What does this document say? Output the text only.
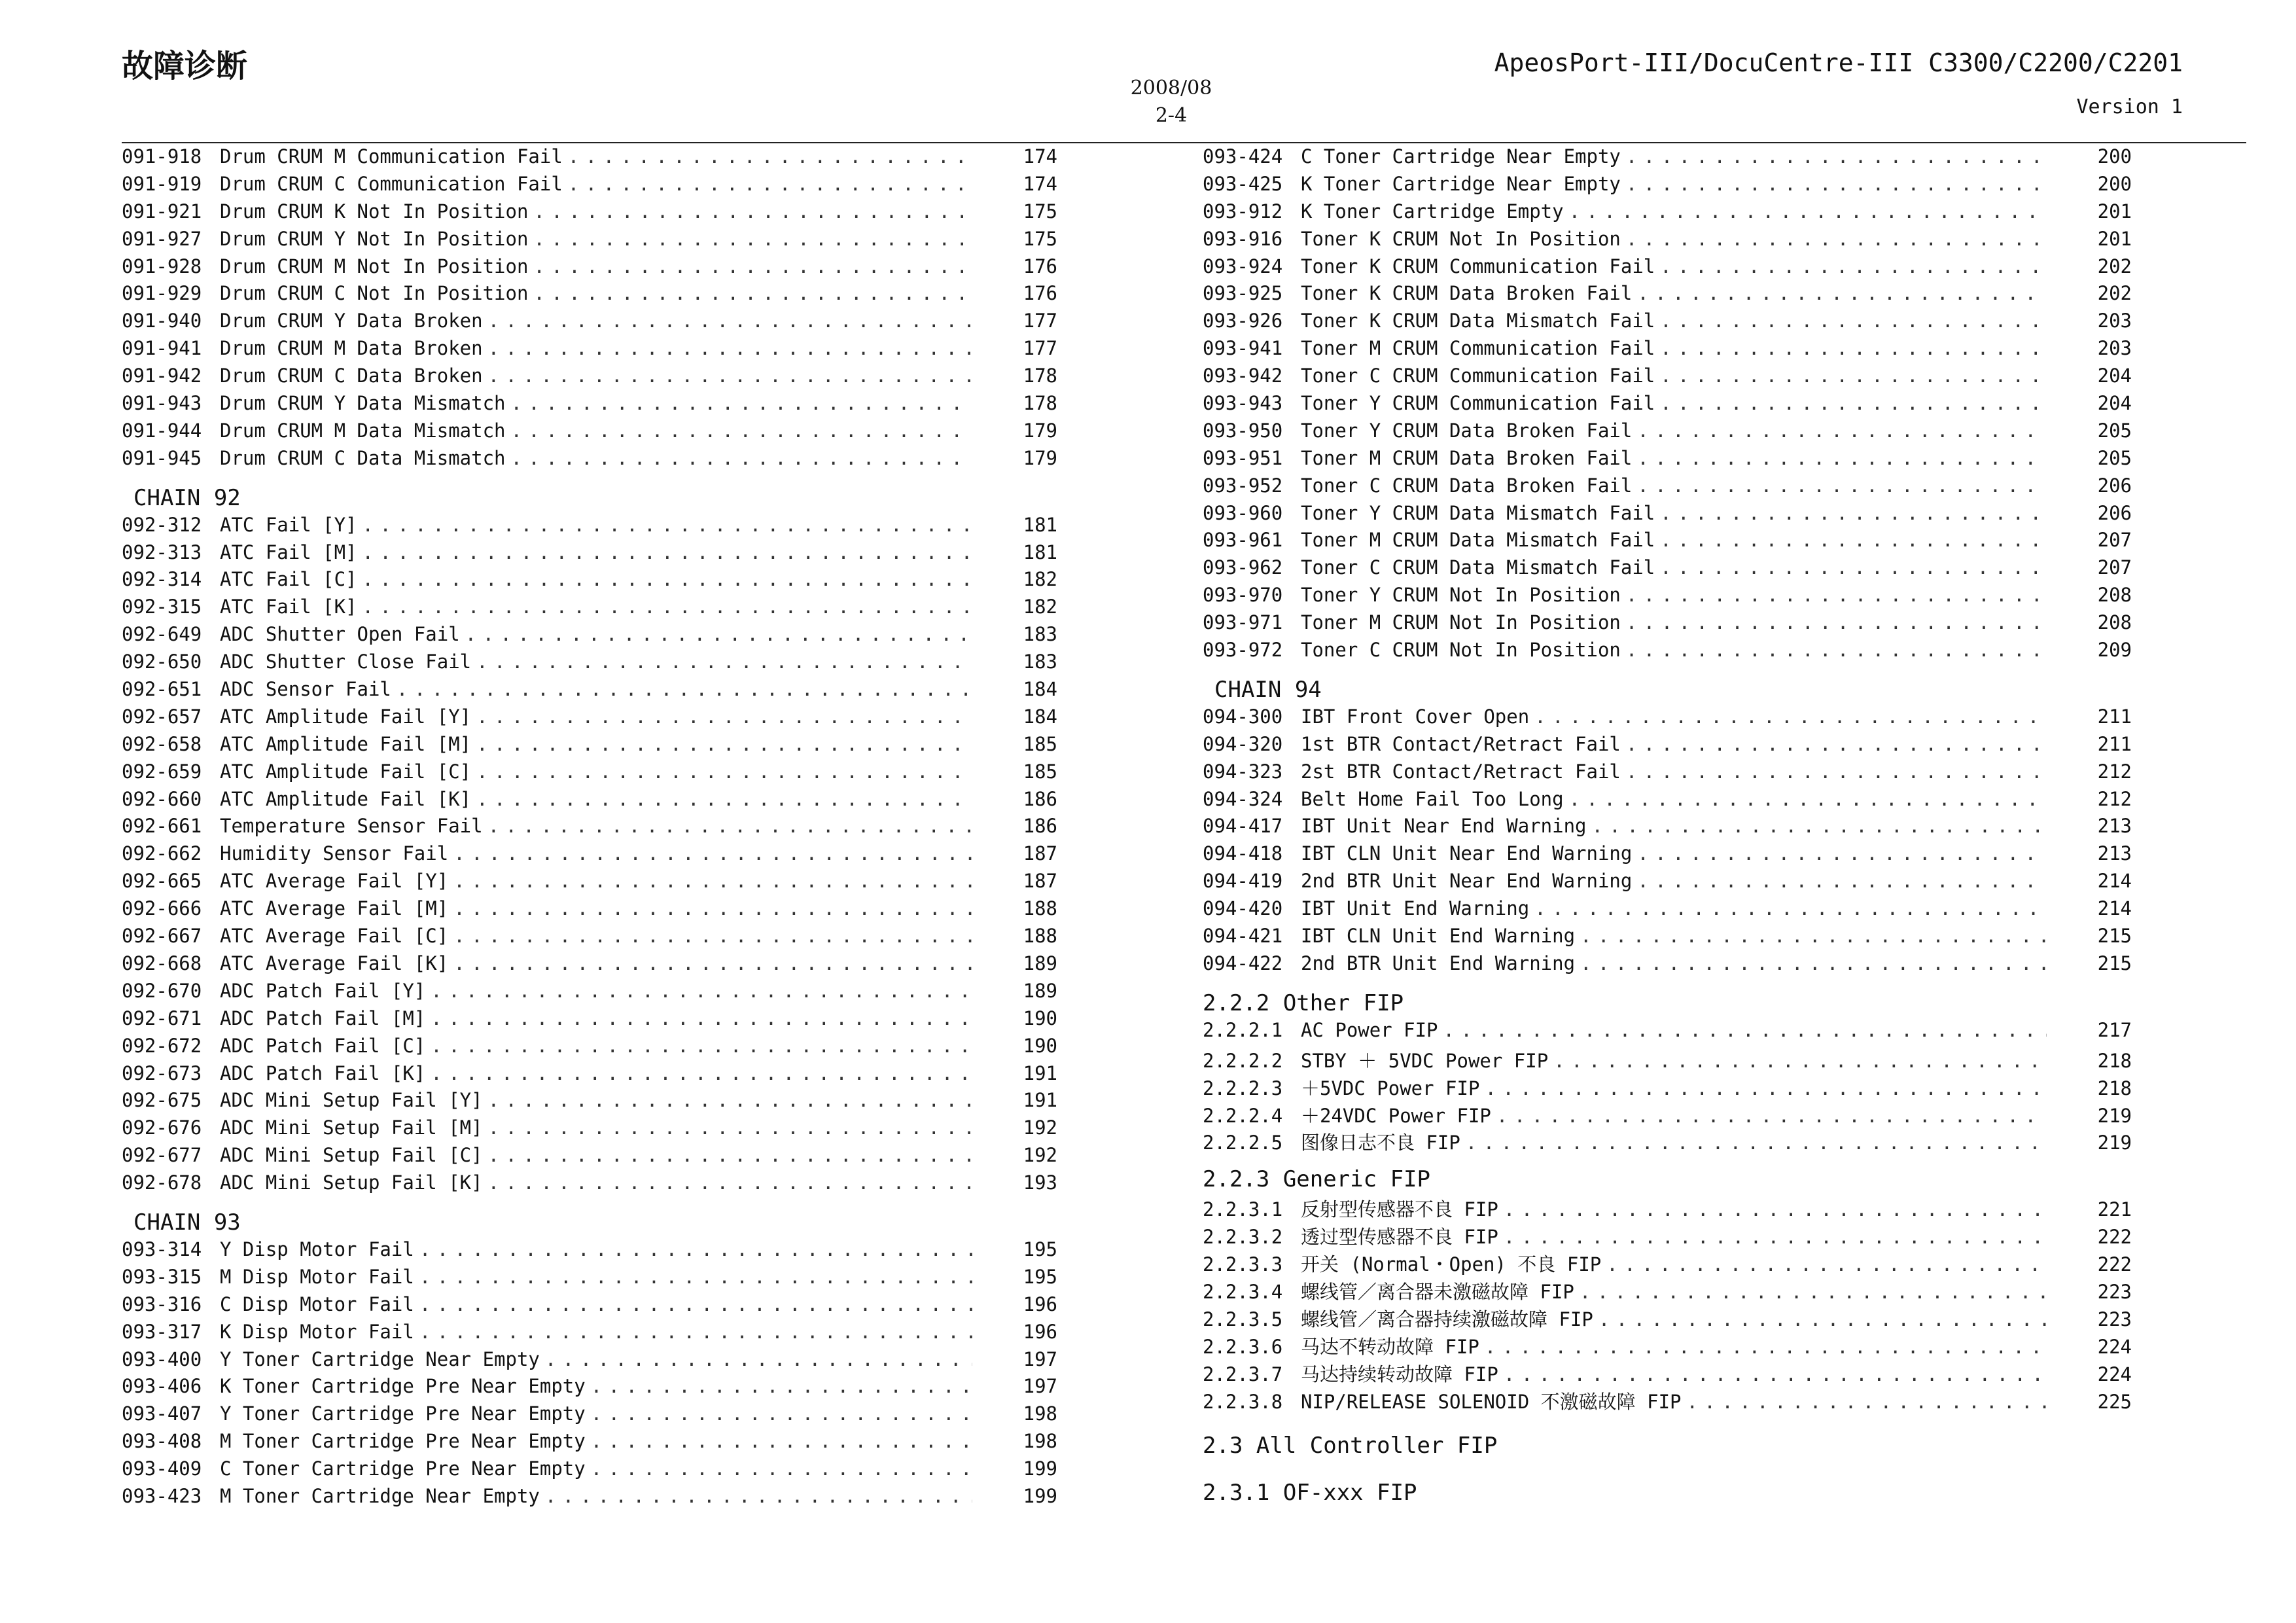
故障诊断
2008/08
2-4
ApeosPort-III/DocuCentre-III C3300/C2200/C2201
Version 1
091-918 Drum CRUM M Communication Fail . . .	174
091-919 Drum CRUM C Communication Fail . . .	174
091-921 Drum CRUM K Not In Position . . .	175
091-927 Drum CRUM Y Not In Position . . .	175
091-928 Drum CRUM M Not In Position . . .	176
091-929 Drum CRUM C Not In Position . . .	176
091-940 Drum CRUM Y Data Broken . . .	177
091-941 Drum CRUM M Data Broken . . .	177
091-942 Drum CRUM C Data Broken . . .	178
091-943 Drum CRUM Y Data Mismatch . . .	178
091-944 Drum CRUM M Data Mismatch . . .	179
091-945 Drum CRUM C Data Mismatch . . .	179
CHAIN 92
092-312 ATC Fail [Y] . . .	181
092-313 ATC Fail [M] . . .	181
092-314 ATC Fail [C] . . .	182
092-315 ATC Fail [K] . . .	182
092-649 ADC Shutter Open Fail . . .	183
092-650 ADC Shutter Close Fail . . .	183
092-651 ADC Sensor Fail . . .	184
092-657 ATC Amplitude Fail [Y] . . .	184
092-658 ATC Amplitude Fail [M] . . .	185
092-659 ATC Amplitude Fail [C] . . .	185
092-660 ATC Amplitude Fail [K] . . .	186
092-661 Temperature Sensor Fail . . .	186
092-662 Humidity Sensor Fail . . .	187
092-665 ATC Average Fail [Y] . . .	187
092-666 ATC Average Fail [M] . . .	188
092-667 ATC Average Fail [C] . . .	188
092-668 ATC Average Fail [K] . . .	189
092-670 ADC Patch Fail [Y] . . .	189
092-671 ADC Patch Fail [M] . . .	190
092-672 ADC Patch Fail [C] . . .	190
092-673 ADC Patch Fail [K] . . .	191
092-675 ADC Mini Setup Fail [Y] . . .	191
092-676 ADC Mini Setup Fail [M] . . .	192
092-677 ADC Mini Setup Fail [C] . . .	192
092-678 ADC Mini Setup Fail [K] . . .	193
CHAIN 93
093-314 Y Disp Motor Fail . . .	195
093-315 M Disp Motor Fail . . .	195
093-316 C Disp Motor Fail . . .	196
093-317 K Disp Motor Fail . . .	196
093-400 Y Toner Cartridge Near Empty . . .	197
093-406 K Toner Cartridge Pre Near Empty . . .	197
093-407 Y Toner Cartridge Pre Near Empty . . .	198
093-408 M Toner Cartridge Pre Near Empty . . .	198
093-409 C Toner Cartridge Pre Near Empty . . .	199
093-423 M Toner Cartridge Near Empty . . .	199
093-424 C Toner Cartridge Near Empty . . .	200
093-425 K Toner Cartridge Near Empty . . .	200
093-912 K Toner Cartridge Empty . . .	201
093-916 Toner K CRUM Not In Position . . .	201
093-924 Toner K CRUM Communication Fail . . .	202
093-925 Toner K CRUM Data Broken Fail . . .	202
093-926 Toner K CRUM Data Mismatch Fail . . .	203
093-941 Toner M CRUM Communication Fail . . .	203
093-942 Toner C CRUM Communication Fail . . .	204
093-943 Toner Y CRUM Communication Fail . . .	204
093-950 Toner Y CRUM Data Broken Fail . . .	205
093-951 Toner M CRUM Data Broken Fail . . .	205
093-952 Toner C CRUM Data Broken Fail . . .	206
093-960 Toner Y CRUM Data Mismatch Fail . . .	206
093-961 Toner M CRUM Data Mismatch Fail . . .	207
093-962 Toner C CRUM Data Mismatch Fail . . .	207
093-970 Toner Y CRUM Not In Position . . .	208
093-971 Toner M CRUM Not In Position . . .	208
093-972 Toner C CRUM Not In Position . . .	209
CHAIN 94
094-300 IBT Front Cover Open . . .	211
094-320 1st BTR Contact/Retract Fail . . .	211
094-323 2st BTR Contact/Retract Fail . . .	212
094-324 Belt Home Fail Too Long . . .	212
094-417 IBT Unit Near End Warning . . .	213
094-418 IBT CLN Unit Near End Warning . . .	213
094-419 2nd BTR Unit Near End Warning . . .	214
094-420 IBT Unit End Warning . . .	214
094-421 IBT CLN Unit End Warning . . .	215
094-422 2nd BTR Unit End Warning . . .	215
2.2.2 Other FIP
2.2.2.1 AC Power FIP . . .	217
2.2.2.2 STBY ＋ 5VDC Power FIP . . .	218
2.2.2.3 ＋5VDC Power FIP . . .	218
2.2.2.4 ＋24VDC Power FIP . . .	219
2.2.2.5 图像日志不良 FIP . . .	219
2.2.3 Generic FIP
2.2.3.1 反射型传感器不良 FIP . . .	221
2.2.3.2 透过型传感器不良 FIP . . .	222
2.2.3.3 开关 (Normal・Open) 不良 FIP . . .	222
2.2.3.4 螺线管／离合器未激磁故障 FIP . . .	223
2.2.3.5 螺线管／离合器持续激磁故障 FIP . . .	223
2.2.3.6 马达不转动故障 FIP . . .	224
2.2.3.7 马达持续转动故障 FIP . . .	224
2.2.3.8 NIP/RELEASE SOLENOID 不激磁故障 FIP . . .	225
2.3 All Controller FIP
2.3.1 OF-xxx FIP
